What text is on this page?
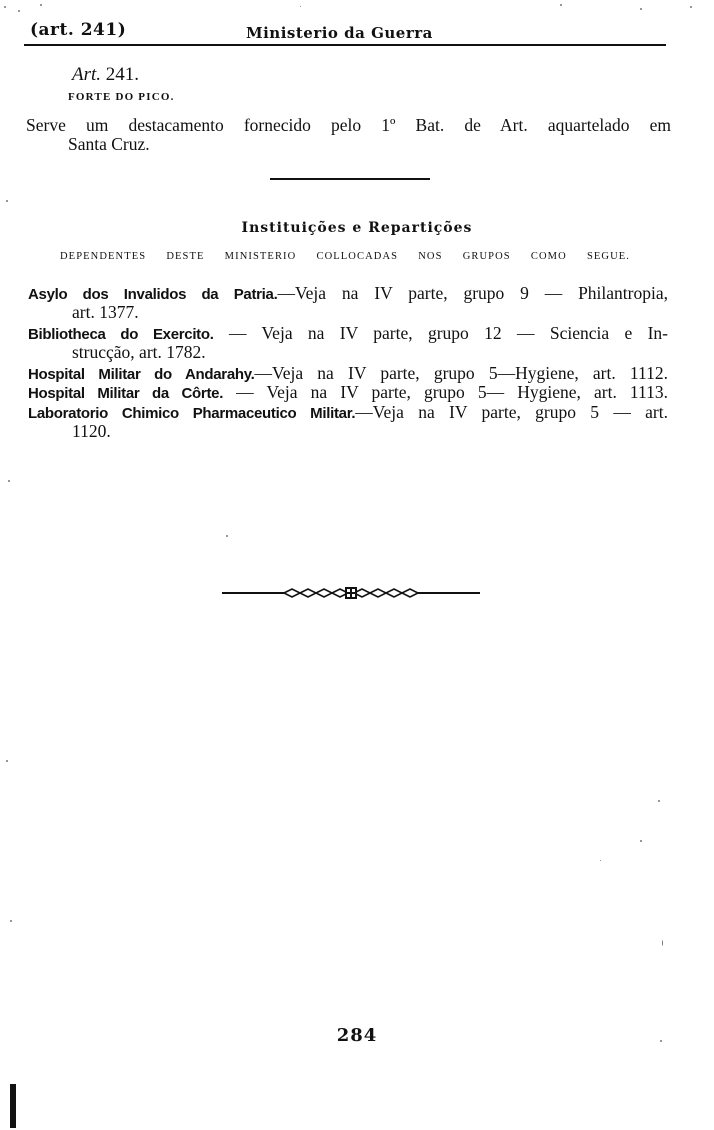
(art. 241)	Ministerio da Guerra
Art. 241.
FORTE DO PICO.
Serve um destacamento fornecido pelo 1º Bat. de Art. aquartelado em
Santa Cruz.
Instituições e Repartições
DEPENDENTES DESTE MINISTERIO COLLOCADAS NOS GRUPOS COMO SEGUE.
Asylo dos Invalidos da Patria.—Veja na IV parte, grupo 9 — Philantropia,
art. 1377.
Bibliotheca do Exercito. — Veja na IV parte, grupo 12 — Sciencia e In-
strucção, art. 1782.
Hospital Militar do Andarahy.—Veja na IV parte, grupo 5—Hygiene, art. 1112.
Hospital Militar da Côrte. — Veja na IV parte, grupo 5— Hygiene, art. 1113.
Laboratorio Chimico Pharmaceutico Militar.—Veja na IV parte, grupo 5 — art.
1120.
284
